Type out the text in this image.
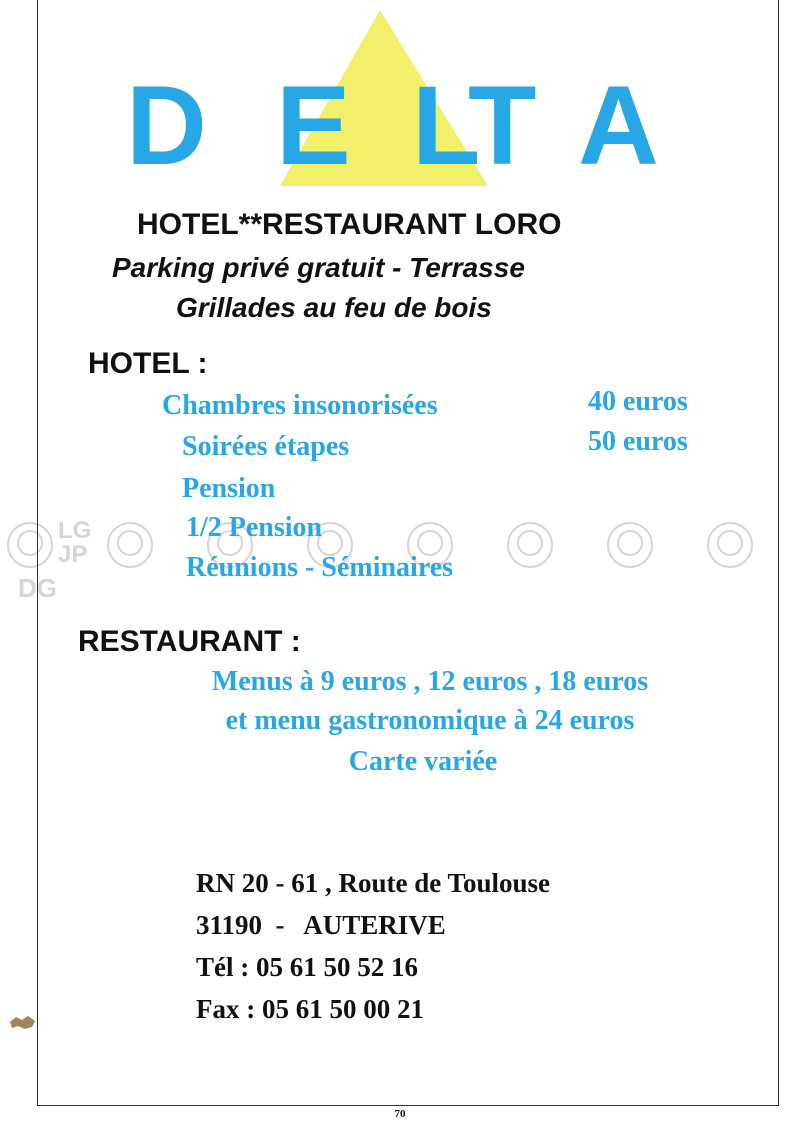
D E L
T A
HOTEL**RESTAURANT LORO
Parking privé gratuit - Terrasse
Grillades au feu de bois
LG
JP
DG
HOTEL :
Chambres insonorisées
Soirées étapes
Pension
1/2 Pension
Réunions - Séminaires
40 euros
50 euros
RESTAURANT :
Menus à 9 euros , 12 euros , 18 euros
et menu gastronomique à 24 euros
Carte variée
RN 20 - 61 , Route de Toulouse
31190  -   AUTERIVE
Tél : 05 61 50 52 16
Fax : 05 61 50 00 21
70
